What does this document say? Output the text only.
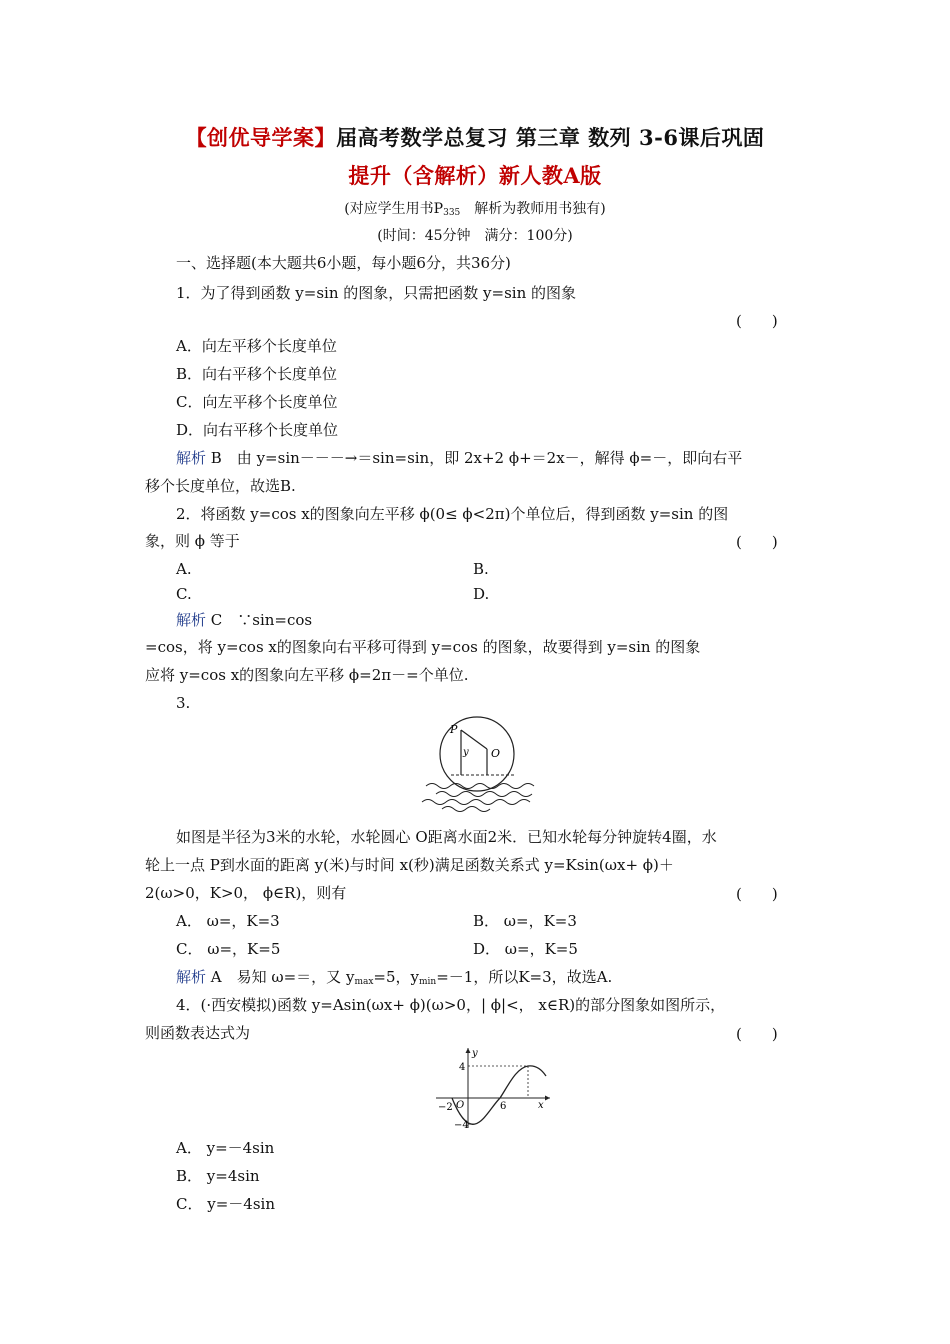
【创优导学案】届高考数学总复习 第三章 数列 3-6课后巩固
提升（含解析）新人教A版
(对应学生用书$P_{335}$　解析为教师用书独有)
(时间：45分钟　满分：100分)
一、选择题(本大题共6小题，每小题6分，共36分)
1．为了得到函数 y=sin 的图象，只需把函数 y=sin 的图象
(　　)
A．向左平移个长度单位
B．向右平移个长度单位
C．向左平移个长度单位
D．向右平移个长度单位
解析 B　由 y=sin－－－→＝sin=sin，即 2x+2 ϕ+＝2x－，解得 ϕ=－，即向右平
移个长度单位，故选B.
2．将函数 y=cos x的图象向左平移 ϕ(0≤ ϕ<2π)个单位后，得到函数 y=sin 的图
象，则 ϕ 等于	(　　)
A.	B.
C.	D.
解析 C　∵sin=cos
=cos，将 y=cos x的图象向右平移可得到 y=cos 的图象，故要得到 y=sin 的图象
应将 y=cos x的图象向左平移 ϕ=2π－=个单位.
3.
P
y O
如图是半径为3米的水轮，水轮圆心 O距离水面2米．已知水轮每分钟旋转4圈，水
轮上一点 P到水面的距离 y(米)与时间 x(秒)满足函数关系式 y=Ksin(ωx+ ϕ)＋
2(ω>0，K>0， ϕ∈R)，则有	(　　)
A． ω=，K=3	B． ω=，K=3
C． ω=，K=5	D． ω=，K=5
解析 A　易知 ω=＝，又 $y_{max}=5$，$y_{min}=-1$，所以K=3，故选A.
4．(·西安模拟)函数 y=Asin(ωx+ ϕ)(ω>0，| ϕ|<， x∈R)的部分图象如图所示，
则函数表达式为	(　　)
y
x
4
−2 O	6
−4
A． y=－4sin
B． y=4sin
C． y=－4sin
